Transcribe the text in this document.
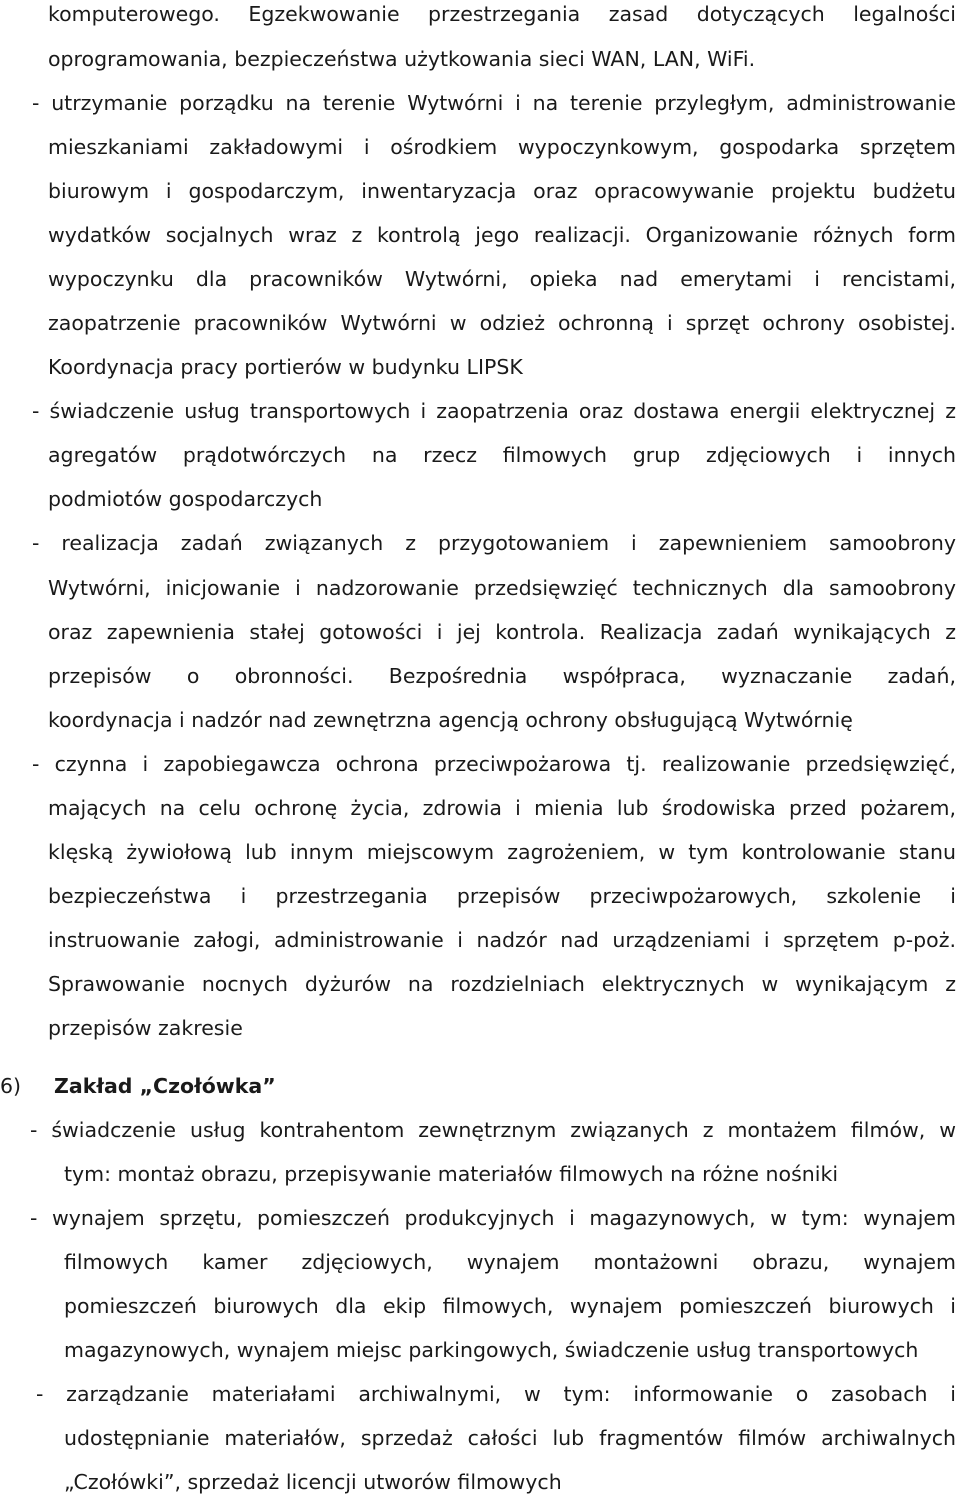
komputerowego. Egzekwowanie przestrzegania zasad dotyczących legalności

oprogramowania, bezpieczeństwa użytkowania sieci WAN, LAN, WiFi.

- utrzymanie porządku na terenie Wytwórni i na terenie przyległym, administrowanie

mieszkaniami zakładowymi i ośrodkiem wypoczynkowym, gospodarka sprzętem

biurowym i gospodarczym, inwentaryzacja oraz opracowywanie projektu budżetu

wydatków socjalnych wraz z kontrolą jego realizacji. Organizowanie różnych form

wypoczynku dla pracowników Wytwórni, opieka nad emerytami i rencistami,

zaopatrzenie pracowników Wytwórni w odzież ochronną i sprzęt ochrony osobistej.

Koordynacja pracy portierów w budynku LIPSK

- świadczenie usług transportowych i zaopatrzenia oraz dostawa energii elektrycznej z

agregatów prądotwórczych na rzecz filmowych grup zdjęciowych i innych

podmiotów gospodarczych

- realizacja zadań związanych z przygotowaniem i zapewnieniem samoobrony

Wytwórni, inicjowanie i nadzorowanie przedsięwzięć technicznych dla samoobrony

oraz zapewnienia stałej gotowości i jej kontrola. Realizacja zadań wynikających z

przepisów o obronności. Bezpośrednia współpraca, wyznaczanie zadań,

koordynacja i nadzór nad zewnętrzna agencją ochrony obsługującą Wytwórnię

- czynna i zapobiegawcza ochrona przeciwpożarowa tj. realizowanie przedsięwzięć,

mających na celu ochronę życia, zdrowia i mienia lub środowiska przed pożarem,

klęską żywiołową lub innym miejscowym zagrożeniem, w tym kontrolowanie stanu

bezpieczeństwa i przestrzegania przepisów przeciwpożarowych, szkolenie i

instruowanie załogi, administrowanie i nadzór nad urządzeniami i sprzętem p-poż.

Sprawowanie nocnych dyżurów na rozdzielniach elektrycznych w wynikającym z

przepisów zakresie

6) Zakład „Czołówka”

- świadczenie usług kontrahentom zewnętrznym związanych z montażem filmów, w

tym: montaż obrazu, przepisywanie materiałów filmowych na różne nośniki

- wynajem sprzętu, pomieszczeń produkcyjnych i magazynowych, w tym: wynajem

filmowych kamer zdjęciowych, wynajem montażowni obrazu, wynajem

pomieszczeń biurowych dla ekip filmowych, wynajem pomieszczeń biurowych i

magazynowych, wynajem miejsc parkingowych, świadczenie usług transportowych

- zarządzanie materiałami archiwalnymi, w tym: informowanie o zasobach i

udostępnianie materiałów, sprzedaż całości lub fragmentów filmów archiwalnych

„Czołówki”, sprzedaż licencji utworów filmowych
